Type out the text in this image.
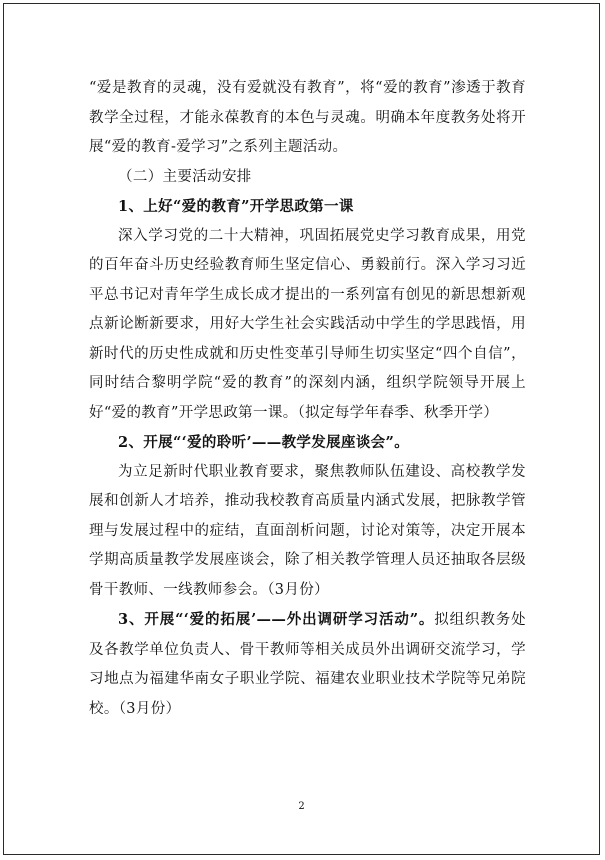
“爱是教育的灵魂，没有爱就没有教育”，将“爱的教育”渗透于教育教学全过程，才能永葆教育的本色与灵魂。明确本年度教务处将开展“爱的教育-爱学习”之系列主题活动。

（二）主要活动安排

1、上好“爱的教育”开学思政第一课

深入学习党的二十大精神，巩固拓展党史学习教育成果，用党的百年奋斗历史经验教育师生坚定信心、勇毅前行。深入学习习近平总书记对青年学生成长成才提出的一系列富有创见的新思想新观点新论断新要求，用好大学生社会实践活动中学生的学思践悟，用新时代的历史性成就和历史性变革引导师生切实坚定“四个自信”，同时结合黎明学院“爱的教育”的深刻内涵，组织学院领导开展上好“爱的教育”开学思政第一课。（拟定每学年春季、秋季开学）

2、开展“‘爱的聆听’——教学发展座谈会”。

为立足新时代职业教育要求，聚焦教师队伍建设、高校教学发展和创新人才培养，推动我校教育高质量内涵式发展，把脉教学管理与发展过程中的症结，直面剖析问题，讨论对策等，决定开展本学期高质量教学发展座谈会，除了相关教学管理人员还抽取各层级骨干教师、一线教师参会。（3月份）

3、开展“‘爱的拓展’——外出调研学习活动”。拟组织教务处及各教学单位负责人、骨干教师等相关成员外出调研交流学习，学习地点为福建华南女子职业学院、福建农业职业技术学院等兄弟院校。（3月份）

2
